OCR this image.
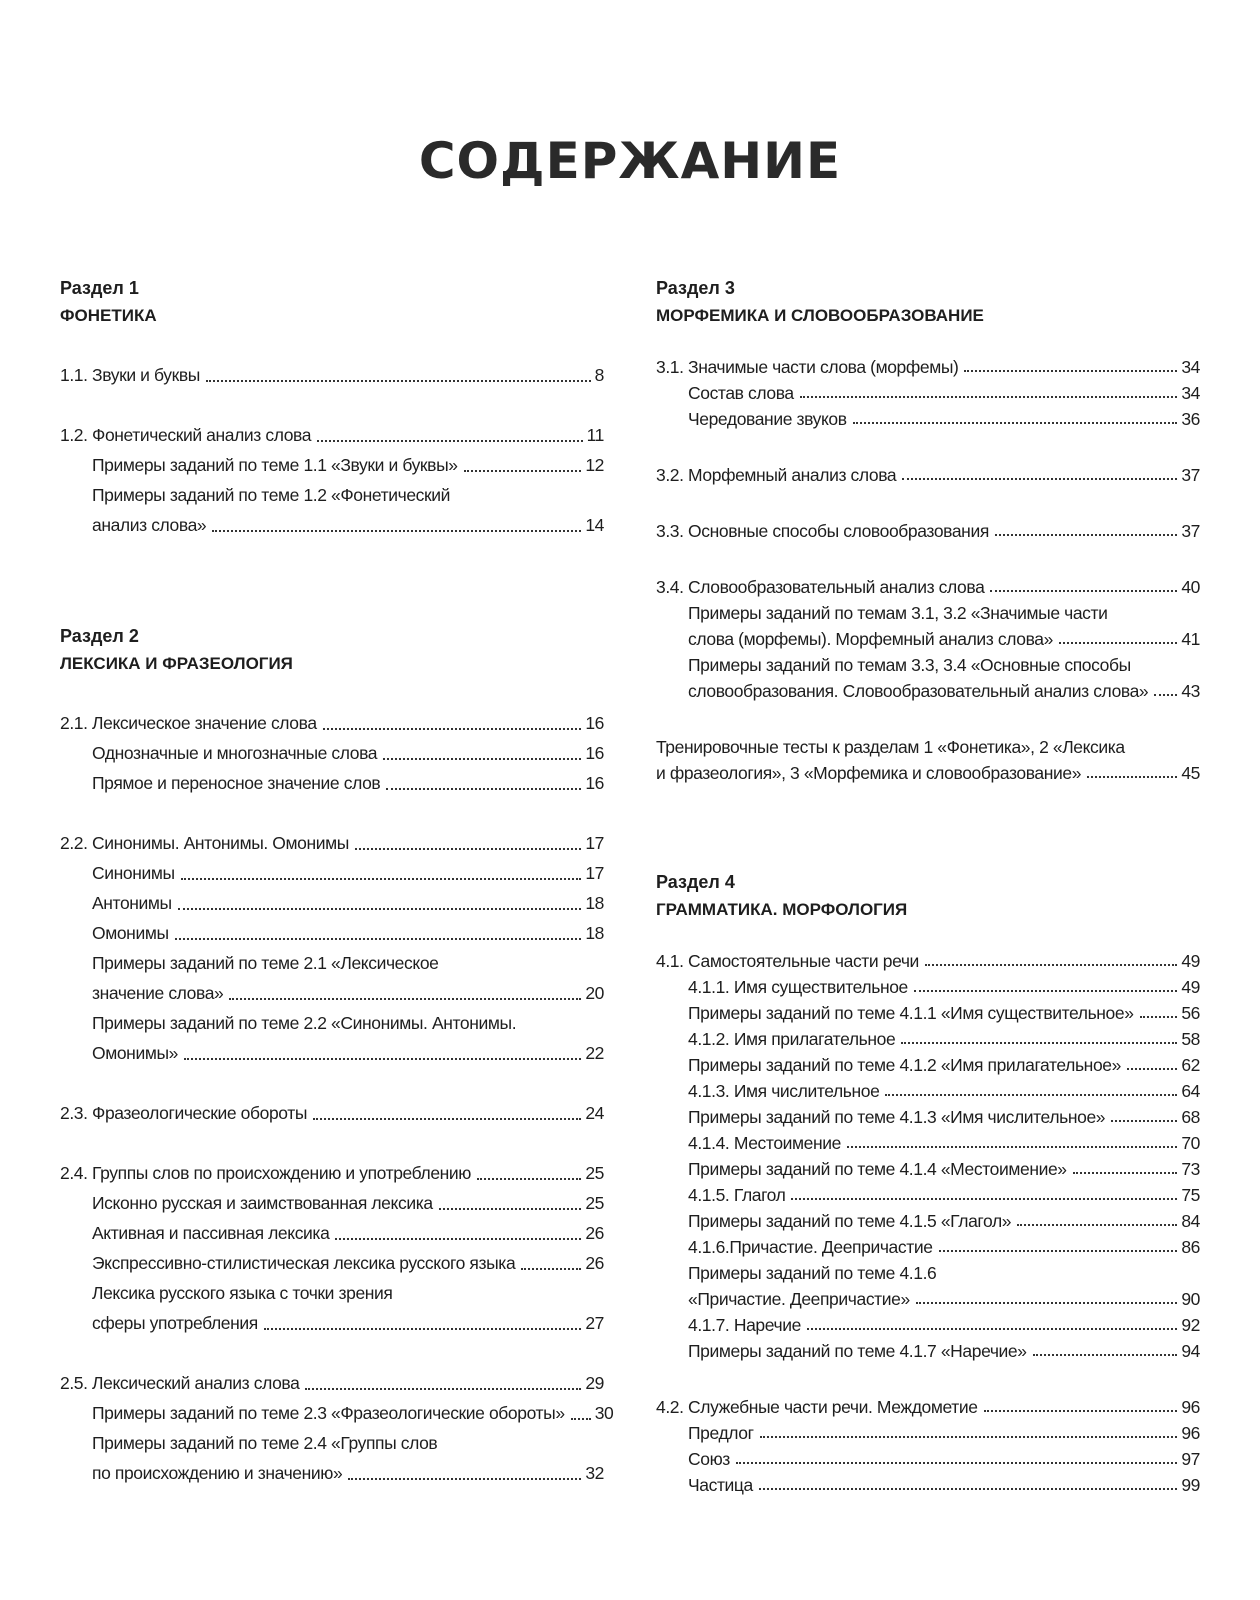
СОДЕРЖАНИЕ
Раздел 1
ФОНЕТИКА
1.1. Звуки и буквы	8
1.2. Фонетический анализ слова	11
Примеры заданий по теме 1.1 «Звуки и буквы»	12
Примеры заданий по теме 1.2 «Фонетический
анализ слова»	14
Раздел 2
ЛЕКСИКА И ФРАЗЕОЛОГИЯ
2.1. Лексическое значение слова	16
Однозначные и многозначные слова	16
Прямое и переносное значение слов	16
2.2. Синонимы. Антонимы. Омонимы	17
Синонимы	17
Антонимы	18
Омонимы	18
Примеры заданий по теме 2.1 «Лексическое
значение слова»	20
Примеры заданий по теме 2.2 «Синонимы. Антонимы.
Омонимы»	22
2.3. Фразеологические обороты	24
2.4. Группы слов по происхождению и употреблению	25
Исконно русская и заимствованная лексика	25
Активная и пассивная лексика	26
Экспрессивно-стилистическая лексика русского языка	26
Лексика русского языка с точки зрения
сферы употребления	27
2.5. Лексический анализ слова	29
Примеры заданий по теме 2.3 «Фразеологические обороты» 30
Примеры заданий по теме 2.4 «Группы слов
по происхождению и значению»	32
Раздел 3
МОРФЕМИКА И СЛОВООБРАЗОВАНИЕ
3.1. Значимые части слова (морфемы)	34
Состав слова	34
Чередование звуков	36
3.2. Морфемный анализ слова	37
3.3. Основные способы словообразования	37
3.4. Словообразовательный анализ слова	40
Примеры заданий по темам 3.1, 3.2 «Значимые части
слова (морфемы). Морфемный анализ слова»	41
Примеры заданий по темам 3.3, 3.4 «Основные способы
словообразования. Словообразовательный анализ слова» 43
Тренировочные тесты к разделам 1 «Фонетика», 2 «Лексика
и фразеология», 3 «Морфемика и словообразование»	45
Раздел 4
ГРАММАТИКА. МОРФОЛОГИЯ
4.1. Самостоятельные части речи	49
4.1.1. Имя существительное	49
Примеры заданий по теме 4.1.1 «Имя существительное»	56
4.1.2. Имя прилагательное	58
Примеры заданий по теме 4.1.2 «Имя прилагательное»	62
4.1.3. Имя числительное	64
Примеры заданий по теме 4.1.3 «Имя числительное»	68
4.1.4. Местоимение	70
Примеры заданий по теме 4.1.4 «Местоимение»	73
4.1.5. Глагол	75
Примеры заданий по теме 4.1.5 «Глагол»	84
4.1.6.Причастие. Деепричастие	86
Примеры заданий по теме 4.1.6
«Причастие. Деепричастие»	90
4.1.7. Наречие	92
Примеры заданий по теме 4.1.7 «Наречие»	94
4.2. Служебные части речи. Междометие	96
Предлог	96
Союз	97
Частица	99
